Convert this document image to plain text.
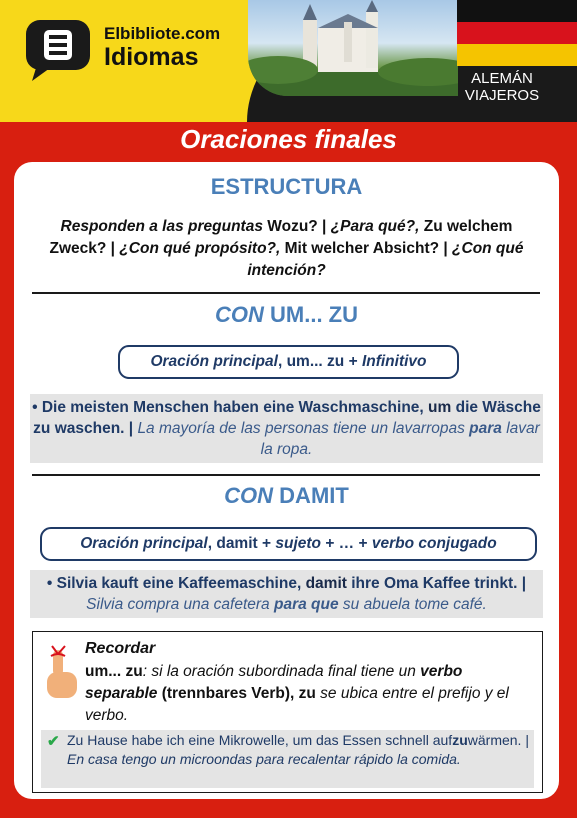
ALEMÁN
VIAJEROS
Elbibliote.com
Idiomas
Oraciones finales
ESTRUCTURA
Responden a las preguntas Wozu? | ¿Para qué?, Zu welchem Zweck? | ¿Con qué propósito?, Mit welcher Absicht? | ¿Con qué intención?
CON UM... ZU
Oración principal, um... zu + Infinitivo
• Die meisten Menschen haben eine Waschmaschine, um die Wäsche zu waschen. | La mayoría de las personas tiene un lavarropas para lavar la ropa.
CON DAMIT
Oración principal, damit + sujeto + … + verbo conjugado
• Silvia kauft eine Kaffeemaschine, damit ihre Oma Kaffee trinkt. | Silvia compra una cafetera para que su abuela tome café.
Recordar
um... zu: si la oración subordinada final tiene un verbo separable (trennbares Verb), zu se ubica entre el prefijo y el verbo.
✔ Zu Hause habe ich eine Mikrowelle, um das Essen schnell aufzuwärmen. | En casa tengo un microondas para recalentar rápido la comida.
